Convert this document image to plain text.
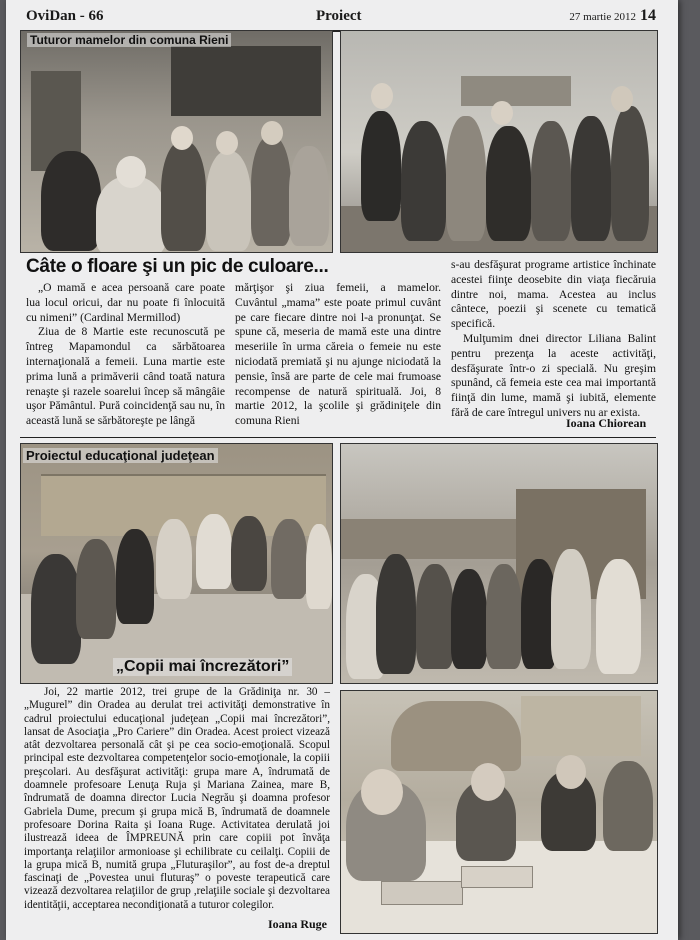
OviDan - 66	Proiect	27 martie 2012 14
Tuturor mamelor din comuna Rieni
Câte o floare şi un pic de culoare...

„O mamă e acea persoană care poate lua locul oricui, dar nu poate fi înlocuită cu nimeni” (Cardinal Mermillod)

Ziua de 8 Martie este recunoscută pe întreg Mapamondul ca sărbătoarea internaţională a femeii. Luna martie este prima lună a primăverii când toată natura renaşte şi razele soarelui încep să mângâie uşor Pământul. Pură coincidenţă sau nu, în această lună se sărbătoreşte pe lângă

mărţişor şi ziua femeii, a mamelor. Cuvântul „mama” este poate primul cuvânt pe care fiecare dintre noi l-a pronunţat. Se spune că, meseria de mamă este una dintre meseriile în urma căreia o femeie nu este niciodată premiată şi nu ajunge niciodată la pensie, însă are parte de cele mai frumoase recompense de natură spirituală. Joi, 8 martie 2012, la şcolile şi grădiniţele din comuna Rieni

s-au desfăşurat programe artistice închinate acestei fiinţe deosebite din viaţa fiecăruia dintre noi, mama. Acestea au inclus cântece, poezii şi scenete cu tematică specifică.

Mulţumim dnei director Liliana Balint pentru prezenţa la aceste activităţi, desfăşurate într-o zi specială. Nu greşim spunând, că femeia este cea mai importantă fiinţă din lume, mamă şi iubită, elemente fără de care întregul univers nu ar exista.

Ioana Chiorean
Proiectul educaţional judeţean
„Copii mai încrezători”

Joi, 22 martie 2012, trei grupe de la Grădiniţa nr. 30 – „Mugurel” din Oradea au derulat trei activităţi demonstrative în cadrul proiectului educaţional judeţean „Copii mai încrezători”, lansat de Asociaţia „Pro Cariere” din Oradea. Acest proiect vizează atât dezvoltarea personală cât şi pe cea socio-emoţională. Scopul principal este dezvoltarea competenţelor socio-emoţionale, la copiii preşcolari. Au desfăşurat activităţi: grupa mare A, îndrumată de doamnele profesoare Lenuţa Ruja şi Mariana Zainea, mare B, îndrumată de doamna director Lucia Negrău şi doamna profesor Gabriela Dume, precum şi grupa mică B, îndrumată de doamnele profesoare Dorina Raita şi Ioana Ruge. Activitatea derulată joi ilustrează ideea de ÎMPREUNĂ prin care copiii pot învăţa importanţa relaţiilor armonioase şi echilibrate cu ceilalţi. Copiii de la grupa mică B, numită grupa „Fluturaşilor”, au fost de-a dreptul fascinaţi de „Povestea unui fluturaş” o poveste terapeutică care vizează dezvoltarea relaţiilor de grup ,relaţiile sociale şi dezvoltarea identităţii, acceptarea necondiţionată a tuturor colegilor.

Ioana Ruge
